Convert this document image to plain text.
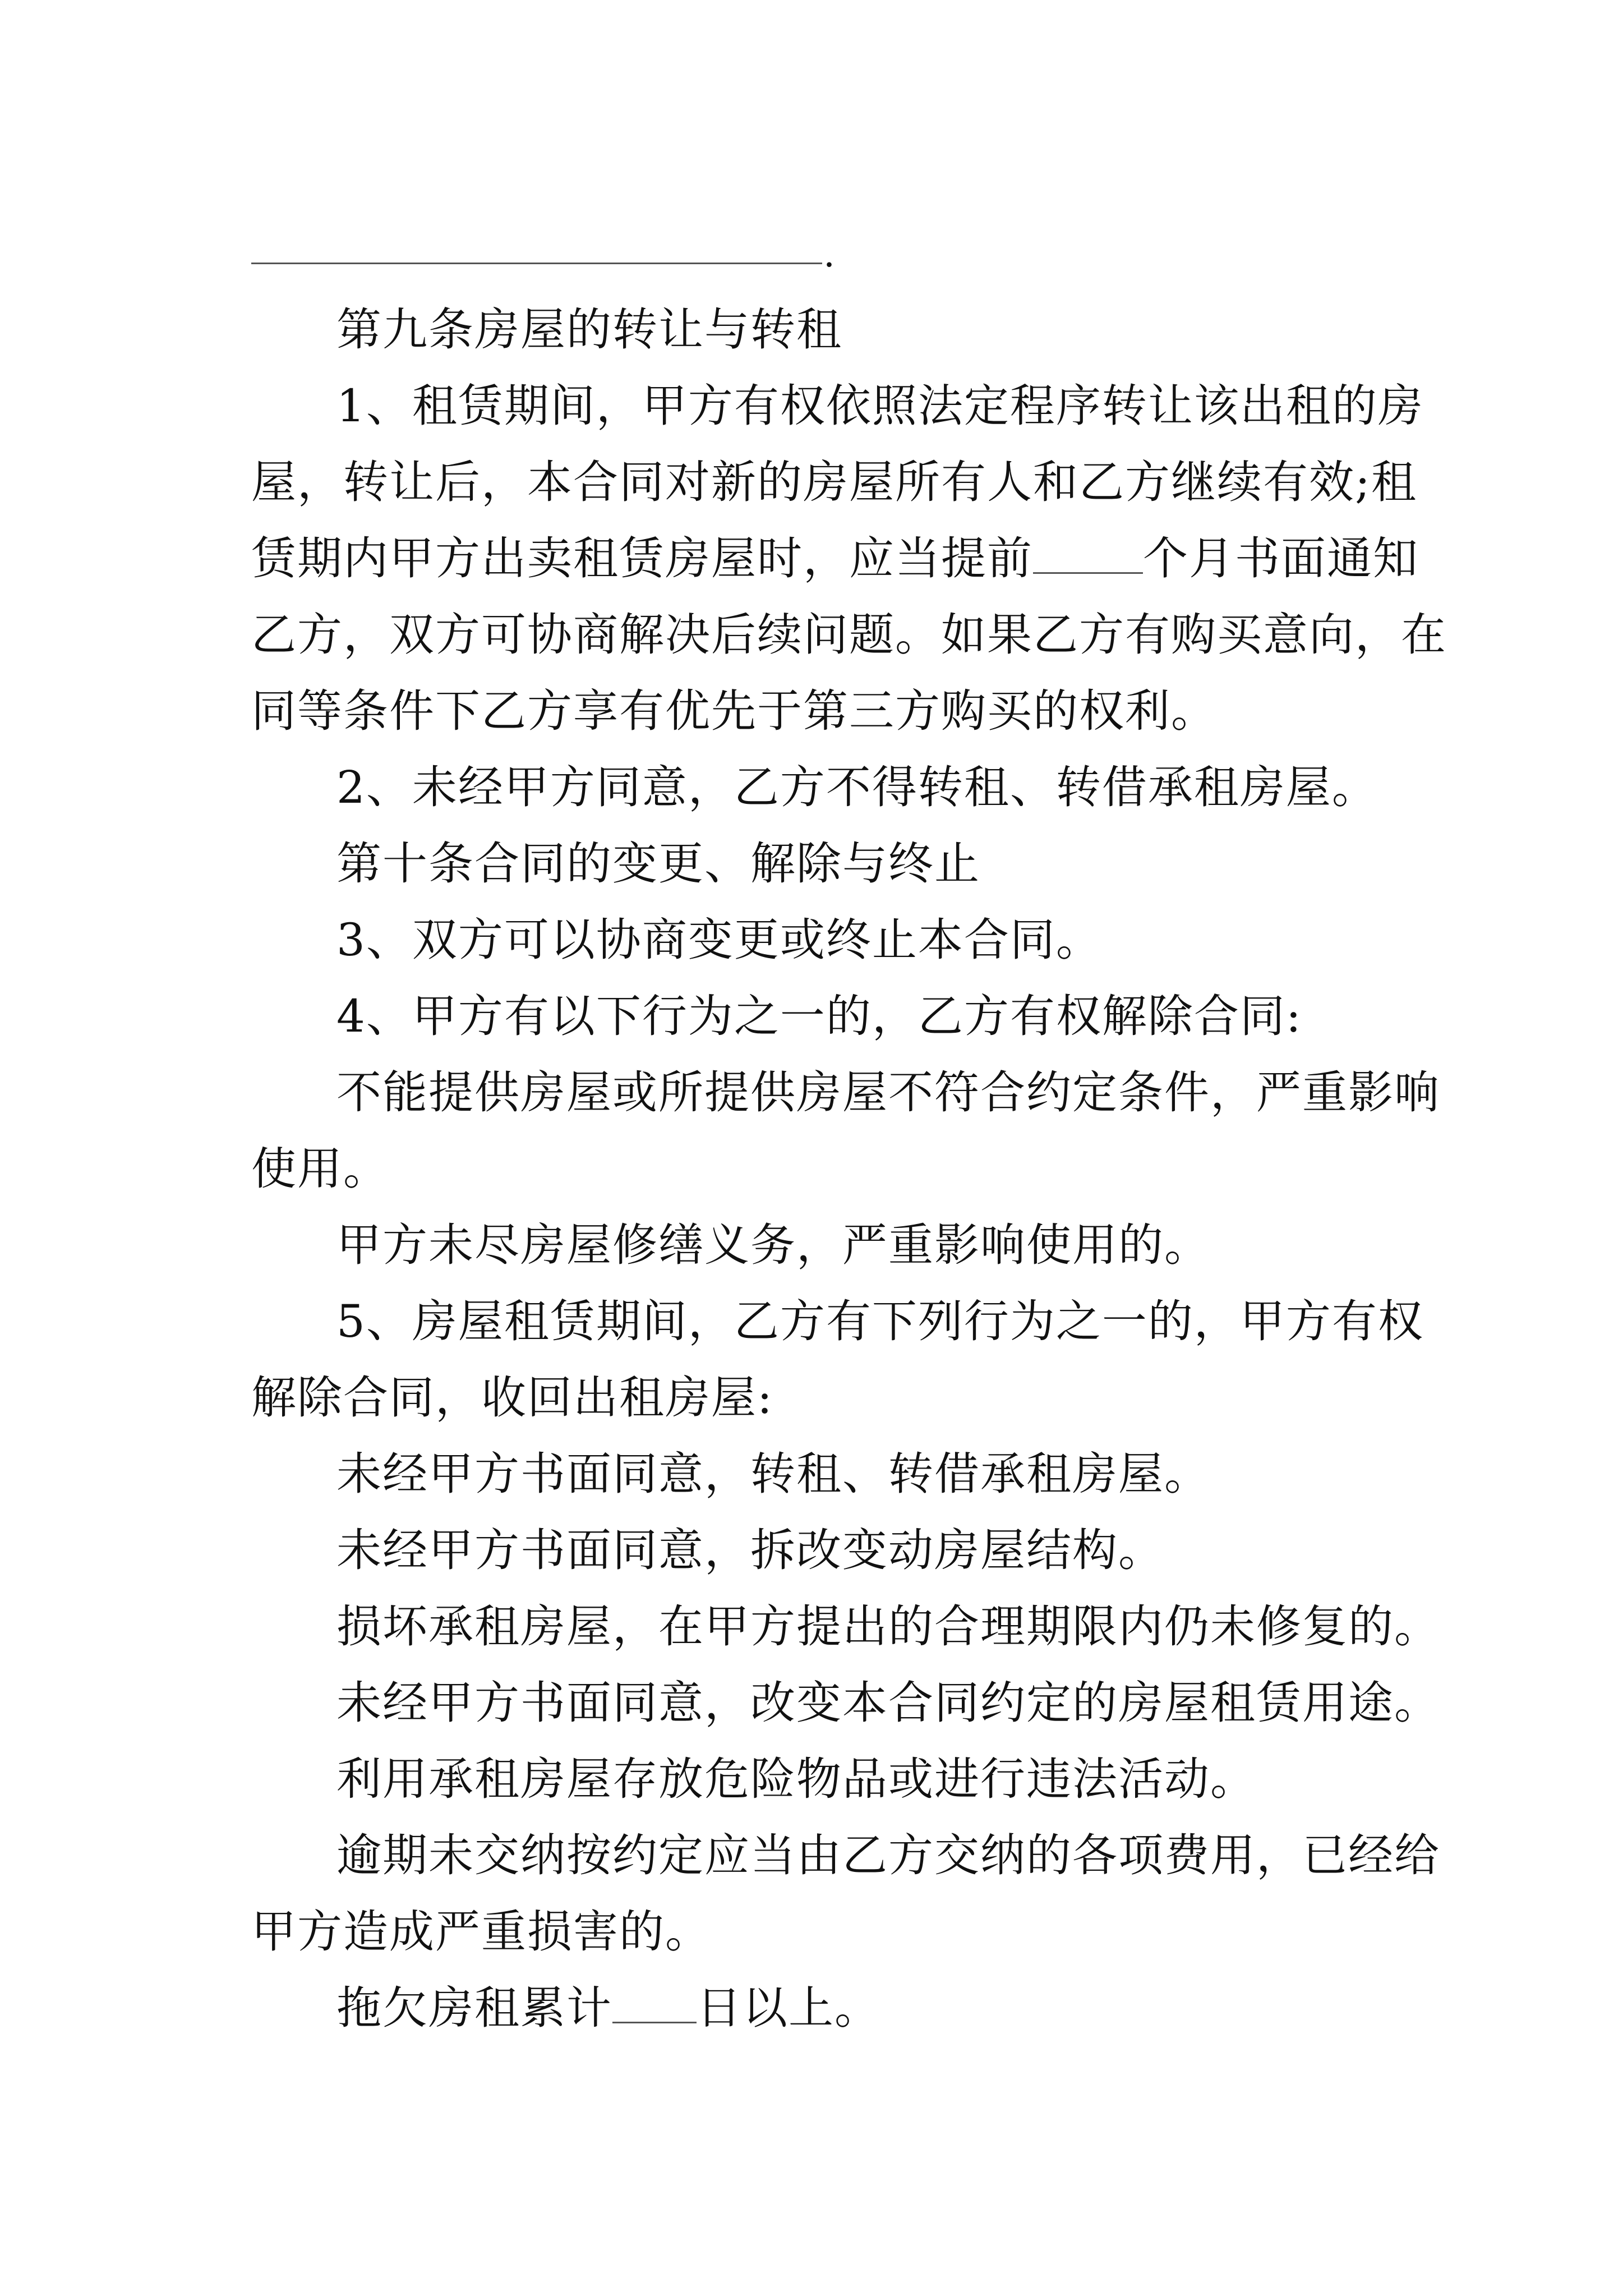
.

第九条房屋的转让与转租

1、租赁期间，甲方有权依照法定程序转让该出租的房

屋，转让后，本合同对新的房屋所有人和乙方继续有效;租

赁期内甲方出卖租赁房屋时，应当提前 个月书面通知

乙方，双方可协商解决后续问题。如果乙方有购买意向，在

同等条件下乙方享有优先于第三方购买的权利。

2、未经甲方同意，乙方不得转租、转借承租房屋。

第十条合同的变更、解除与终止

3、双方可以协商变更或终止本合同。

4、甲方有以下行为之一的，乙方有权解除合同:

不能提供房屋或所提供房屋不符合约定条件，严重影响

使用。

甲方未尽房屋修缮义务，严重影响使用的。

5、房屋租赁期间，乙方有下列行为之一的，甲方有权

解除合同，收回出租房屋:

未经甲方书面同意，转租、转借承租房屋。

未经甲方书面同意，拆改变动房屋结构。

损坏承租房屋，在甲方提出的合理期限内仍未修复的。

未经甲方书面同意，改变本合同约定的房屋租赁用途。

利用承租房屋存放危险物品或进行违法活动。

逾期未交纳按约定应当由乙方交纳的各项费用，已经给

甲方造成严重损害的。

拖欠房租累计 日以上。
